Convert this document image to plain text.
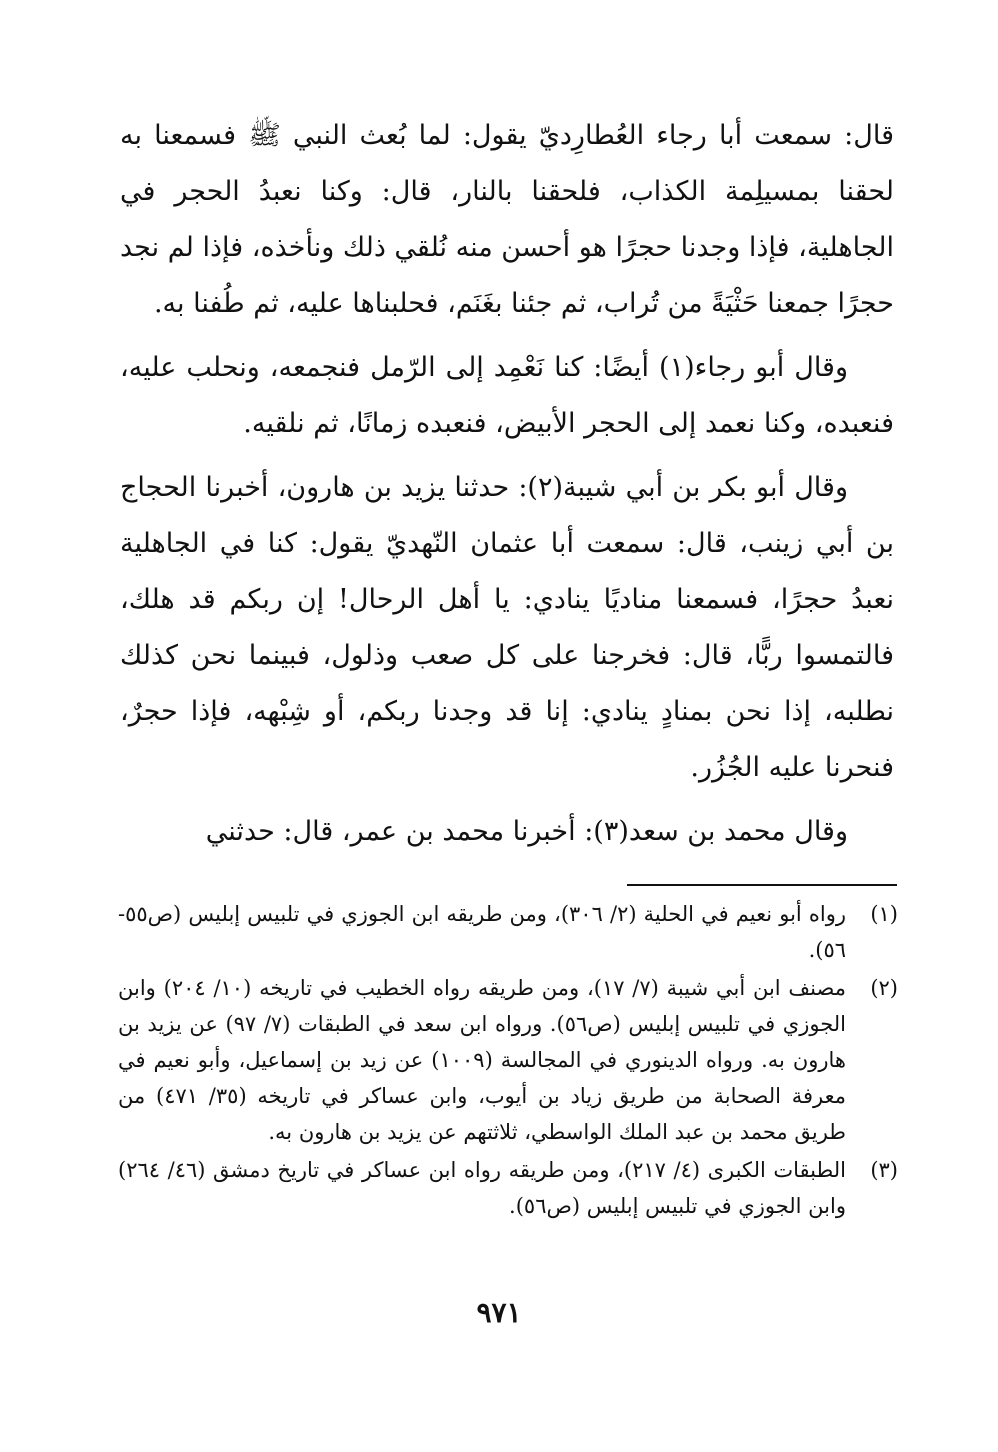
قال: سمعت أبا رجاء العُطارِديّ يقول: لما بُعث النبي ﷺ فسمعنا به لحقنا بمسيلِمة الكذاب، فلحقنا بالنار، قال: وكنا نعبدُ الحجر في الجاهلية، فإذا وجدنا حجرًا هو أحسن منه نُلقي ذلك ونأخذه، فإذا لم نجد حجرًا جمعنا حَثْيَةً من تُراب، ثم جئنا بغَنَم، فحلبناها عليه، ثم طُفنا به.

وقال أبو رجاء(١) أيضًا: كنا نَعْمِد إلى الرّمل فنجمعه، ونحلب عليه، فنعبده، وكنا نعمد إلى الحجر الأبيض، فنعبده زمانًا، ثم نلقيه.

وقال أبو بكر بن أبي شيبة(٢): حدثنا يزيد بن هارون، أخبرنا الحجاج بن أبي زينب، قال: سمعت أبا عثمان النّهديّ يقول: كنا في الجاهلية نعبدُ حجرًا، فسمعنا مناديًا ينادي: يا أهل الرحال! إن ربكم قد هلك، فالتمسوا ربًّا، قال: فخرجنا على كل صعب وذلول، فبينما نحن كذلك نطلبه، إذا نحن بمنادٍ ينادي: إنا قد وجدنا ربكم، أو شِبْهه، فإذا حجرٌ، فنحرنا عليه الجُزُر.

وقال محمد بن سعد(٣): أخبرنا محمد بن عمر، قال: حدثني

(١)
رواه أبو نعيم في الحلية (٢/ ٣٠٦)، ومن طريقه ابن الجوزي في تلبيس إبليس (ص٥٥- ٥٦).
(٢)
مصنف ابن أبي شيبة (٧/ ١٧)، ومن طريقه رواه الخطيب في تاريخه (١٠/ ٢٠٤) وابن الجوزي في تلبيس إبليس (ص٥٦). ورواه ابن سعد في الطبقات (٧/ ٩٧) عن يزيد بن هارون به. ورواه الدينوري في المجالسة (١٠٠٩) عن زيد بن إسماعيل، وأبو نعيم في معرفة الصحابة من طريق زياد بن أيوب، وابن عساكر في تاريخه (٣٥/ ٤٧١) من طريق محمد بن عبد الملك الواسطي، ثلاثتهم عن يزيد بن هارون به.
(٣)
الطبقات الكبرى (٤/ ٢١٧)، ومن طريقه رواه ابن عساكر في تاريخ دمشق (٤٦/ ٢٦٤) وابن الجوزي في تلبيس إبليس (ص٥٦).
٩٧١
